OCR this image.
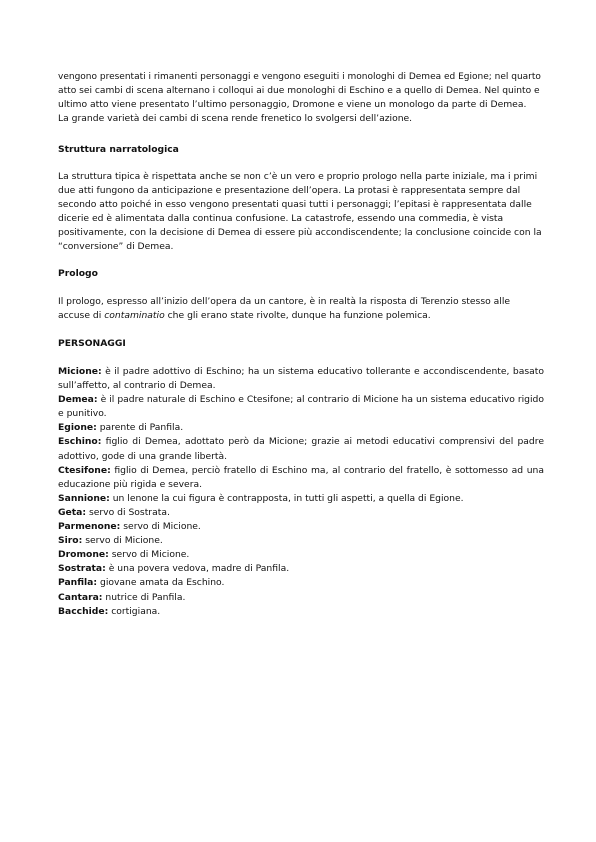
vengono presentati i rimanenti personaggi e vengono eseguiti i monologhi di Demea ed Egione; nel quarto
atto sei cambi di scena alternano i colloqui ai due monologhi di Eschino e a quello di Demea. Nel quinto e
ultimo atto viene presentato l’ultimo personaggio, Dromone e viene un monologo da parte di Demea.
La grande varietà dei cambi di scena rende frenetico lo svolgersi dell’azione.
Struttura narratologica
La struttura tipica è rispettata anche se non c’è un vero e proprio prologo nella parte iniziale, ma i primi
due atti fungono da anticipazione e presentazione dell’opera. La protasi è rappresentata sempre dal
secondo atto poiché in esso vengono presentati quasi tutti i personaggi; l’epitasi è rappresentata dalle
dicerie ed è alimentata dalla continua confusione. La catastrofe, essendo una commedia, è vista
positivamente, con la decisione di Demea di essere più accondiscendente; la conclusione coincide con la
“conversione” di Demea.
Prologo
Il prologo, espresso all’inizio dell’opera da un cantore, è in realtà la risposta di Terenzio stesso alle
accuse di contaminatio che gli erano state rivolte, dunque ha funzione polemica.
PERSONAGGI
Micione: è il padre adottivo di Eschino; ha un sistema educativo tollerante e accondiscendente, basato sull’affetto, al contrario di Demea.
Demea: è il padre naturale di Eschino e Ctesifone; al contrario di Micione ha un sistema educativo rigido e punitivo.
Egione: parente di Panfila.
Eschino: figlio di Demea, adottato però da Micione; grazie ai metodi educativi comprensivi del padre adottivo, gode di una grande libertà.
Ctesifone: figlio di Demea, perciò fratello di Eschino ma, al contrario del fratello, è sottomesso ad una educazione più rigida e severa.
Sannione: un lenone la cui figura è contrapposta, in tutti gli aspetti, a quella di Egione.
Geta: servo di Sostrata.
Parmenone: servo di Micione.
Siro: servo di Micione.
Dromone: servo di Micione.
Sostrata: è una povera vedova, madre di Panfila.
Panfila: giovane amata da Eschino.
Cantara: nutrice di Panfila.
Bacchide: cortigiana.
